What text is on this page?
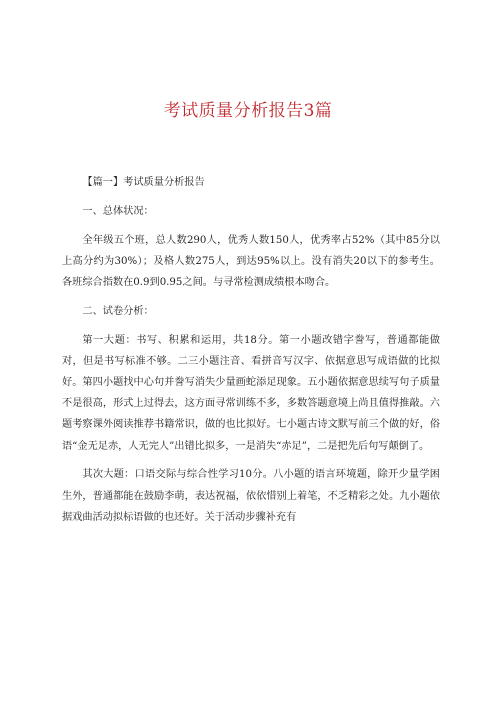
考试质量分析报告3篇

【篇一】考试质量分析报告

一、总体状况：

全年级五个班，总人数290人，优秀人数150人，优秀率占52%（其中85分以上高分约为30%）；及格人数275人，到达95%以上。没有消失20以下的参考生。各班综合指数在0.9到0.95之间。与寻常检测成绩根本吻合。

二、试卷分析：

第一大题：书写、积累和运用，共18分。第一小题改错字誊写，普通都能做对，但是书写标准不够。二三小题注音、看拼音写汉字、依据意思写成语做的比拟好。第四小题找中心句并誊写消失少量画蛇添足现象。五小题依据意思续写句子质量不是很高，形式上过得去，这方面寻常训练不多，多数答题意境上尚且值得推敲。六题考察课外阅读推荐书籍常识，做的也比拟好。七小题古诗文默写前三个做的好，俗语“金无足赤，人无完人”出错比拟多，一是消失“赤足”，二是把先后句写颠倒了。

其次大题：口语交际与综合性学习10分。八小题的语言环境题，除开少量学困生外，普通都能在鼓励李萌，表达祝福，依依惜别上着笔，不乏精彩之处。九小题依据戏曲活动拟标语做的也还好。关于活动步骤补充有
